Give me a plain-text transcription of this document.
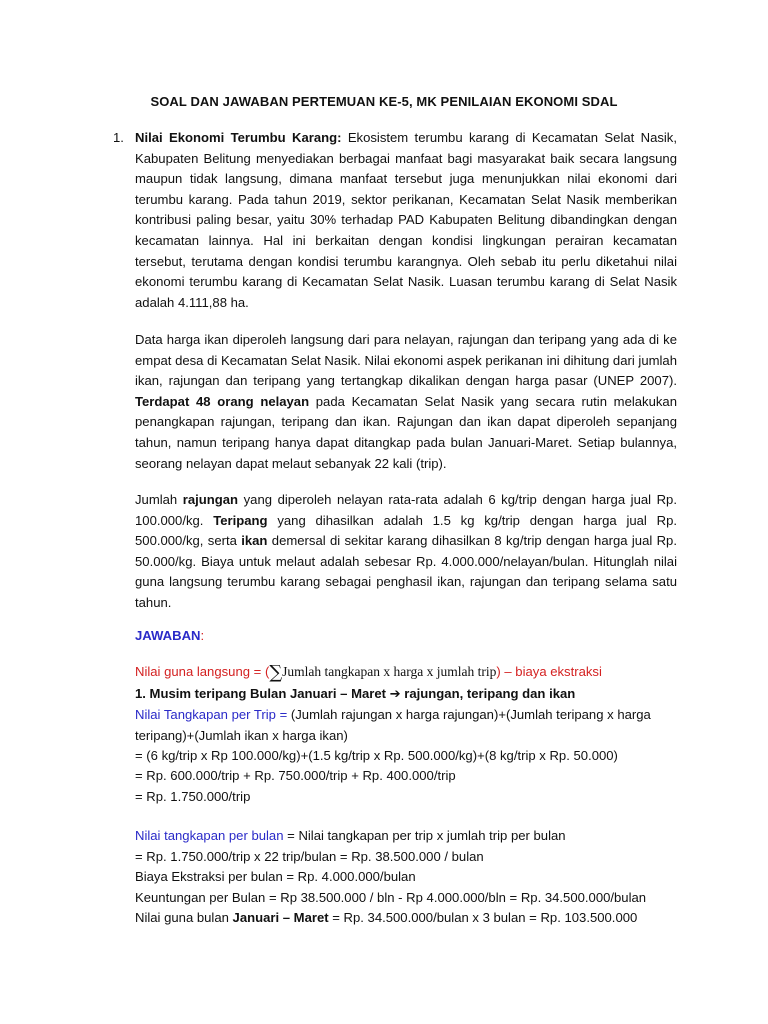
SOAL DAN JAWABAN PERTEMUAN KE-5, MK PENILAIAN EKONOMI SDAL
1. Nilai Ekonomi Terumbu Karang: Ekosistem terumbu karang di Kecamatan Selat Nasik, Kabupaten Belitung menyediakan berbagai manfaat bagi masyarakat baik secara langsung maupun tidak langsung, dimana manfaat tersebut juga menunjukkan nilai ekonomi dari terumbu karang. Pada tahun 2019, sektor perikanan, Kecamatan Selat Nasik memberikan kontribusi paling besar, yaitu 30% terhadap PAD Kabupaten Belitung dibandingkan dengan kecamatan lainnya. Hal ini berkaitan dengan kondisi lingkungan perairan kecamatan tersebut, terutama dengan kondisi terumbu karangnya. Oleh sebab itu perlu diketahui nilai ekonomi terumbu karang di Kecamatan Selat Nasik. Luasan terumbu karang di Selat Nasik adalah 4.111,88 ha.

Data harga ikan diperoleh langsung dari para nelayan, rajungan dan teripang yang ada di ke empat desa di Kecamatan Selat Nasik. Nilai ekonomi aspek perikanan ini dihitung dari jumlah ikan, rajungan dan teripang yang tertangkap dikalikan dengan harga pasar (UNEP 2007). Terdapat 48 orang nelayan pada Kecamatan Selat Nasik yang secara rutin melakukan penangkapan rajungan, teripang dan ikan. Rajungan dan ikan dapat diperoleh sepanjang tahun, namun teripang hanya dapat ditangkap pada bulan Januari-Maret. Setiap bulannya, seorang nelayan dapat melaut sebanyak 22 kali (trip).

Jumlah rajungan yang diperoleh nelayan rata-rata adalah 6 kg/trip dengan harga jual Rp. 100.000/kg. Teripang yang dihasilkan adalah 1.5 kg kg/trip dengan harga jual Rp. 500.000/kg, serta ikan demersal di sekitar karang dihasilkan 8 kg/trip dengan harga jual Rp. 50.000/kg. Biaya untuk melaut adalah sebesar Rp. 4.000.000/nelayan/bulan. Hitunglah nilai guna langsung terumbu karang sebagai penghasil ikan, rajungan dan teripang selama satu tahun.

JAWABAN:

Nilai guna langsung = (∑Jumlah tangkapan x harga x jumlah trip) – biaya ekstraksi

1. Musim teripang Bulan Januari – Maret ➔ rajungan, teripang dan ikan

Nilai Tangkapan per Trip = (Jumlah rajungan x harga rajungan)+(Jumlah teripang x harga teripang)+(Jumlah ikan x harga ikan)

= (6 kg/trip x Rp 100.000/kg)+(1.5 kg/trip x Rp. 500.000/kg)+(8 kg/trip x Rp. 50.000)

= Rp. 600.000/trip + Rp. 750.000/trip + Rp. 400.000/trip

= Rp. 1.750.000/trip

Nilai tangkapan per bulan = Nilai tangkapan per trip x jumlah trip per bulan

= Rp. 1.750.000/trip x 22 trip/bulan = Rp. 38.500.000 / bulan

Biaya Ekstraksi per bulan = Rp. 4.000.000/bulan

Keuntungan per Bulan = Rp 38.500.000 / bln - Rp 4.000.000/bln = Rp. 34.500.000/bulan

Nilai guna bulan Januari – Maret = Rp. 34.500.000/bulan x 3 bulan = Rp. 103.500.000
